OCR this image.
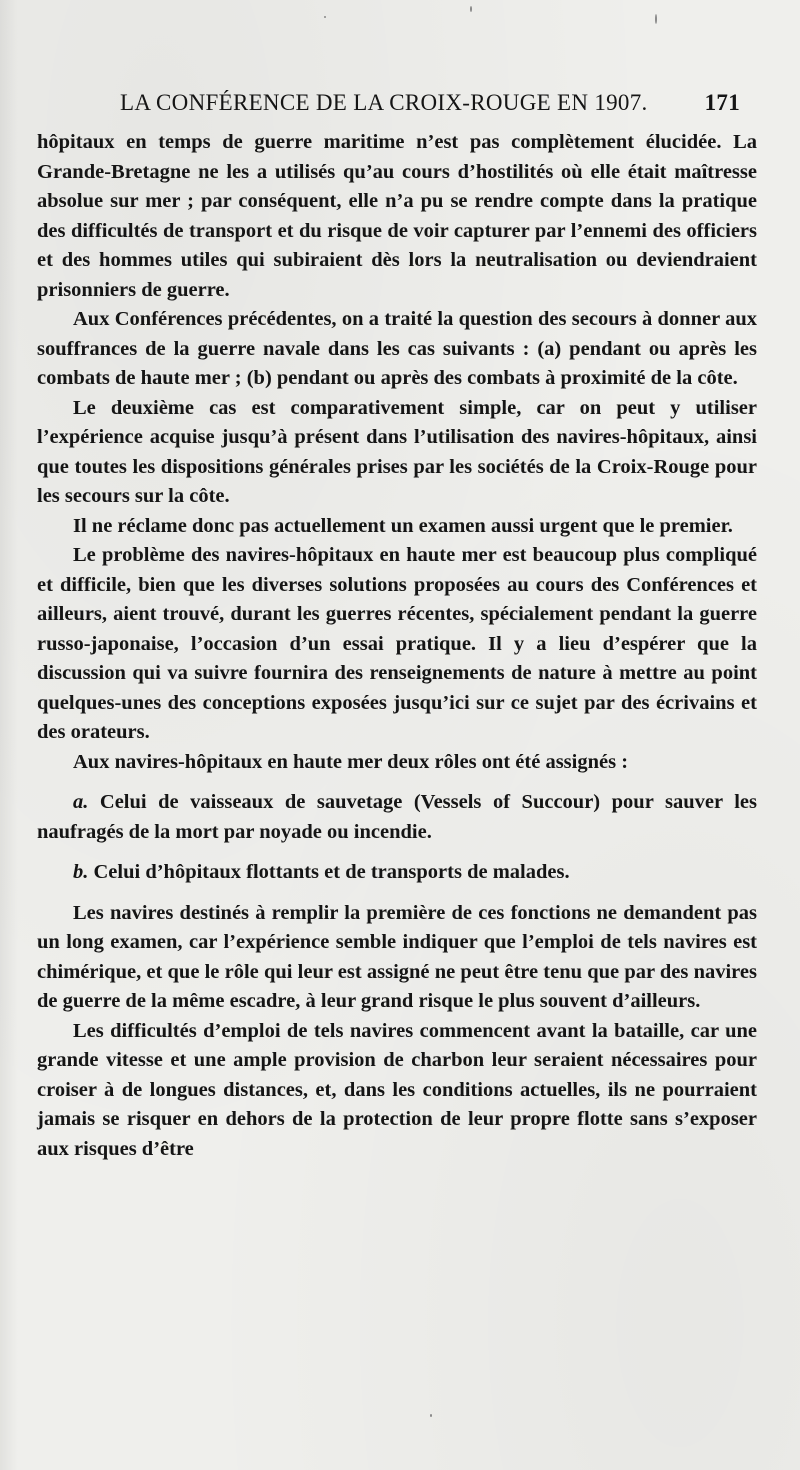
LA CONFÉRENCE DE LA CROIX-ROUGE EN 1907. 171

hôpitaux en temps de guerre maritime n’est pas complètement élucidée. La Grande-Bretagne ne les a utilisés qu’au cours d’hostilités où elle était maîtresse absolue sur mer ; par conséquent, elle n’a pu se rendre compte dans la pratique des difficultés de transport et du risque de voir capturer par l’ennemi des officiers et des hommes utiles qui subiraient dès lors la neutralisation ou deviendraient prisonniers de guerre.

Aux Conférences précédentes, on a traité la question des secours à donner aux souffrances de la guerre navale dans les cas suivants : (a) pendant ou après les combats de haute mer ; (b) pendant ou après des combats à proximité de la côte.

Le deuxième cas est comparativement simple, car on peut y utiliser l’expérience acquise jusqu’à présent dans l’utilisation des navires-hôpitaux, ainsi que toutes les dispositions générales prises par les sociétés de la Croix-Rouge pour les secours sur la côte.

Il ne réclame donc pas actuellement un examen aussi urgent que le premier.

Le problème des navires-hôpitaux en haute mer est beaucoup plus compliqué et difficile, bien que les diverses solutions proposées au cours des Conférences et ailleurs, aient trouvé, durant les guerres récentes, spécialement pendant la guerre russo-japonaise, l’occasion d’un essai pratique. Il y a lieu d’espérer que la discussion qui va suivre fournira des renseignements de nature à mettre au point quelques-unes des conceptions exposées jusqu’ici sur ce sujet par des écrivains et des orateurs.

Aux navires-hôpitaux en haute mer deux rôles ont été assignés :

a. Celui de vaisseaux de sauvetage (Vessels of Succour) pour sauver les naufragés de la mort par noyade ou incendie.

b. Celui d’hôpitaux flottants et de transports de malades.

Les navires destinés à remplir la première de ces fonctions ne demandent pas un long examen, car l’expérience semble indiquer que l’emploi de tels navires est chimérique, et que le rôle qui leur est assigné ne peut être tenu que par des navires de guerre de la même escadre, à leur grand risque le plus souvent d’ailleurs.

Les difficultés d’emploi de tels navires commencent avant la bataille, car une grande vitesse et une ample provision de charbon leur seraient nécessaires pour croiser à de longues distances, et, dans les conditions actuelles, ils ne pourraient jamais se risquer en dehors de la protection de leur propre flotte sans s’exposer aux risques d’être
